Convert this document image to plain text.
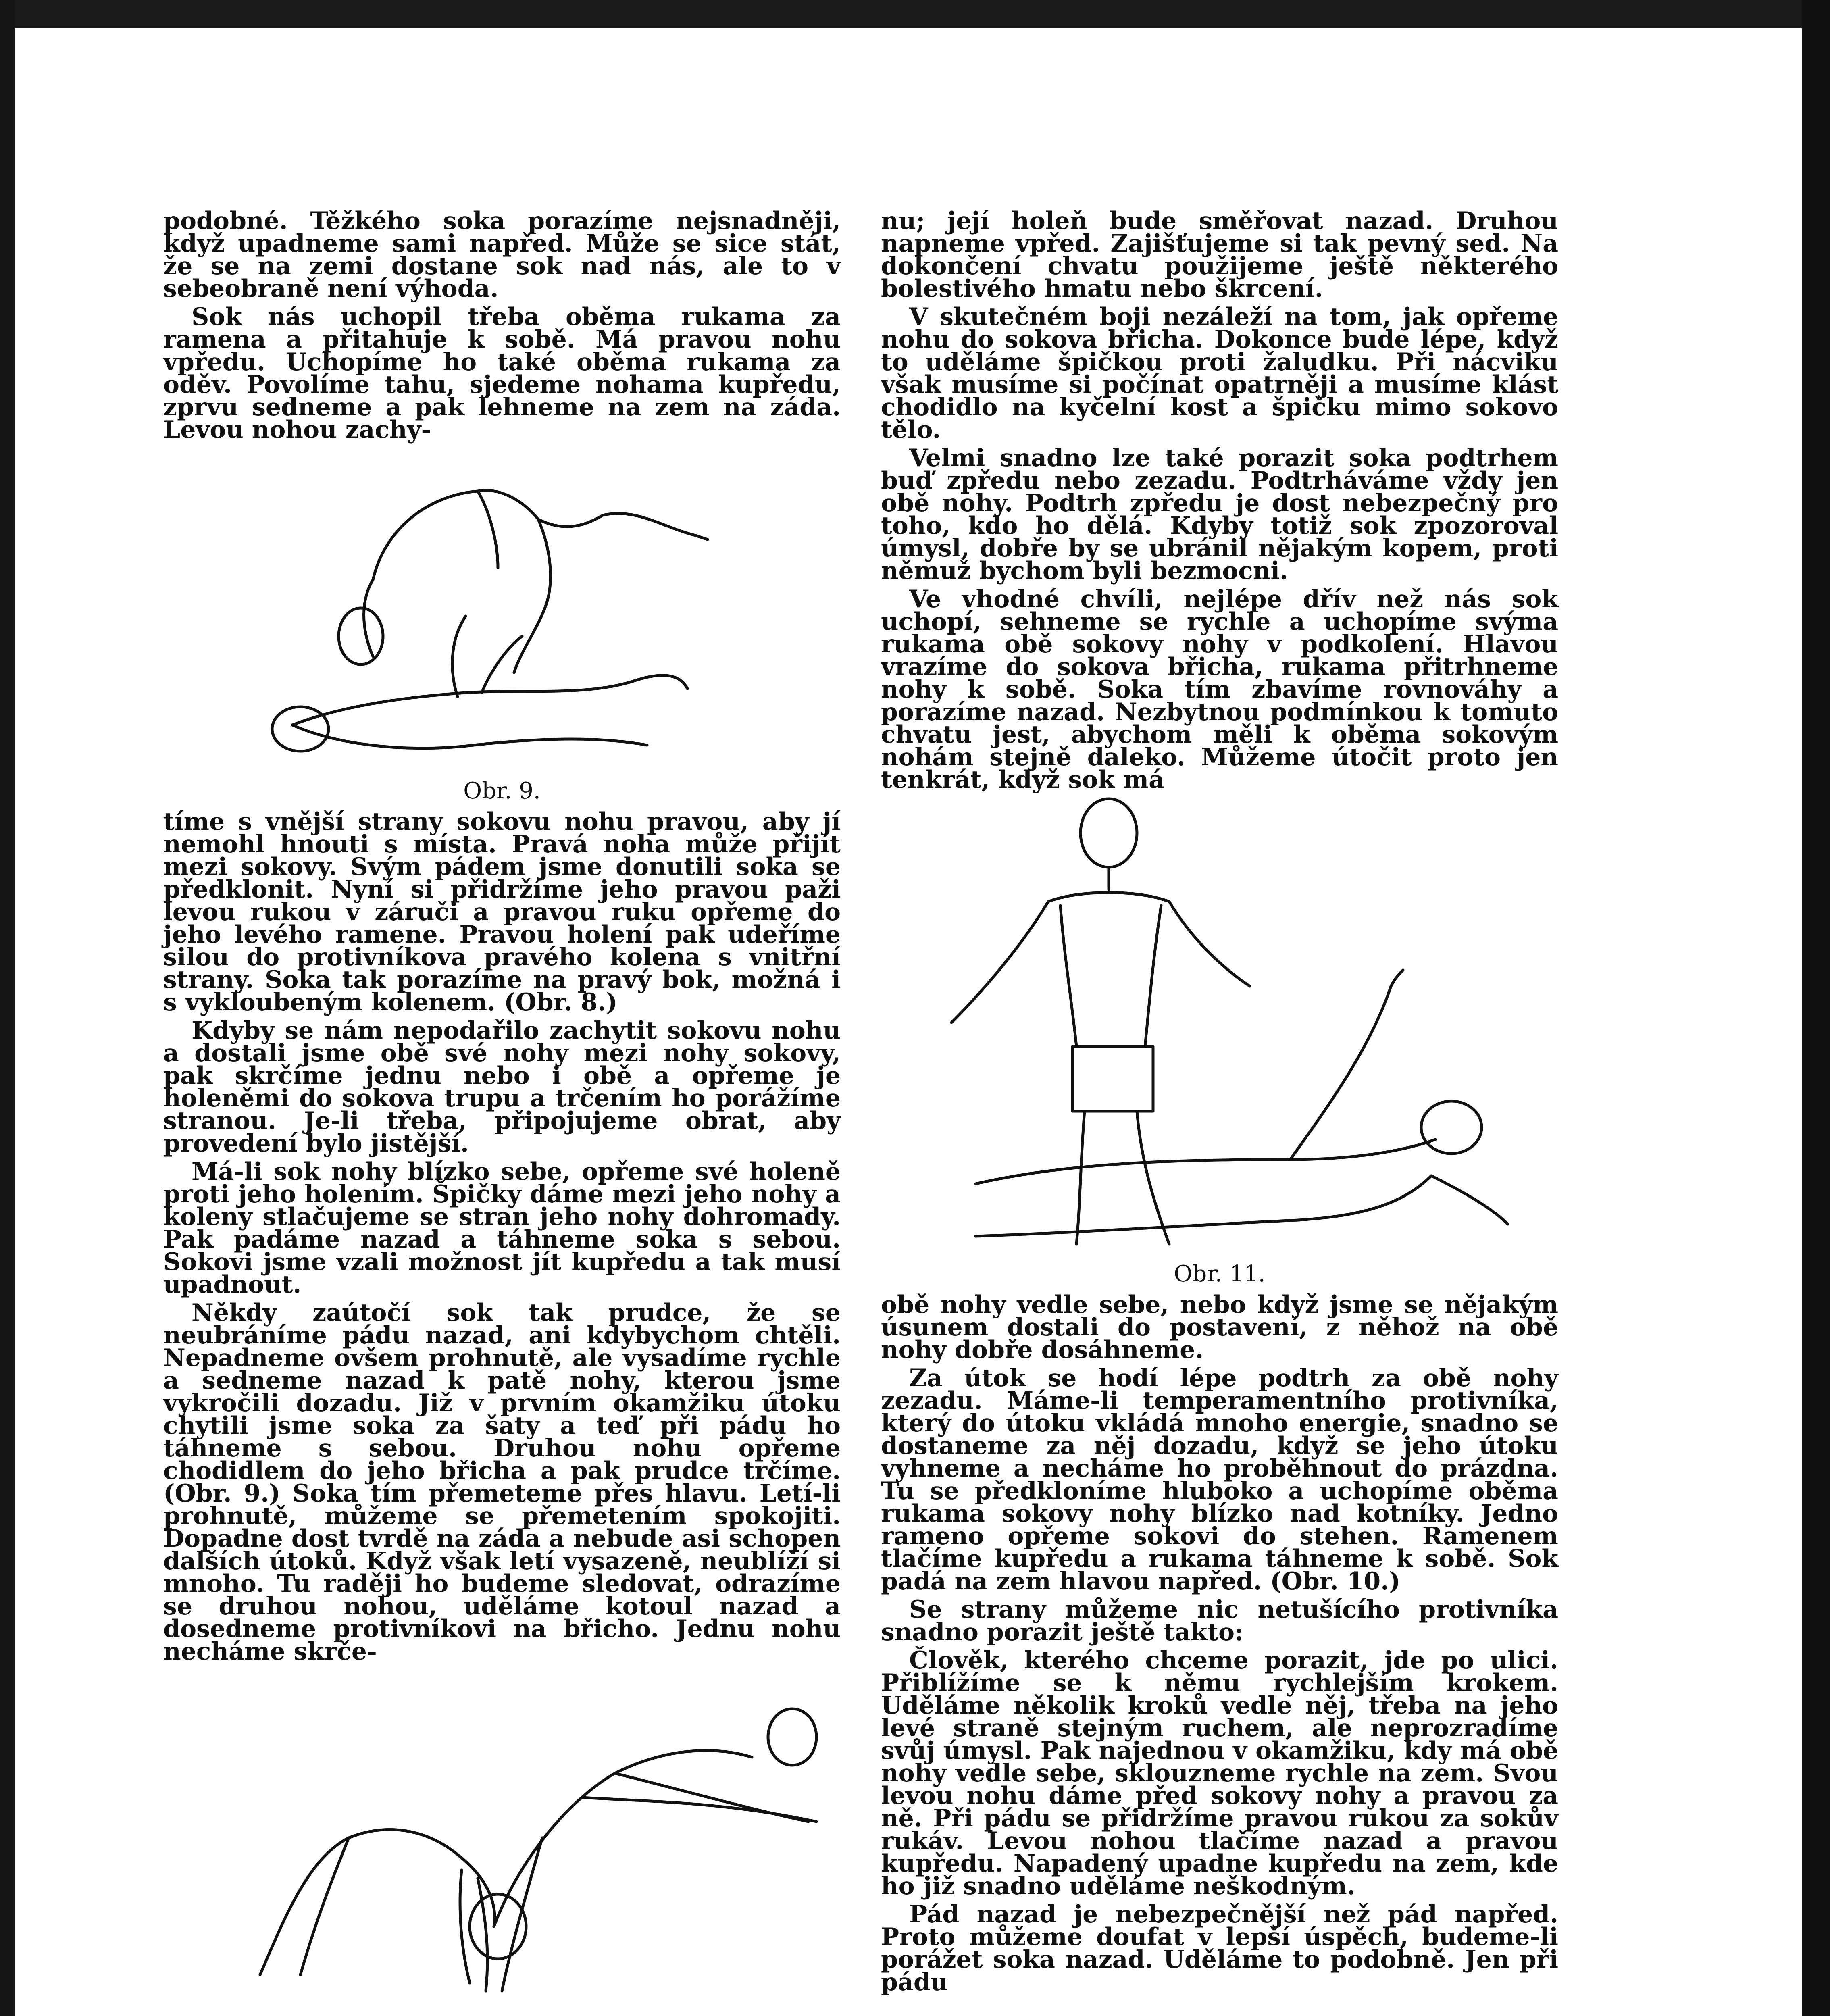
podobné. Těžkého soka porazíme nejsnadněji, když upadneme sami napřed. Může se sice stát, že se na zemi dostane sok nad nás, ale to v sebeobraně není výhoda.

Sok nás uchopil třeba oběma rukama za ramena a přitahuje k sobě. Má pravou nohu vpředu. Uchopíme ho také oběma rukama za oděv. Povolíme tahu, sjedeme nohama kupředu, zprvu sedneme a pak lehneme na zem na záda. Levou nohou zachy-

Obr. 9.

tíme s vnější strany sokovu nohu pravou, aby jí nemohl hnouti s místa. Pravá noha může přijít mezi sokovy. Svým pádem jsme donutili soka se předklonit. Nyní si přidržíme jeho pravou paži levou rukou v záruči a pravou ruku opřeme do jeho levého ramene. Pravou holení pak udeříme silou do protivníkova pravého kolena s vnitřní strany. Soka tak porazíme na pravý bok, možná i s vykloubeným kolenem. (Obr. 8.)

Kdyby se nám nepodařilo zachytit sokovu nohu a dostali jsme obě své nohy mezi nohy sokovy, pak skrčíme jednu nebo i obě a opřeme je holeněmi do sokova trupu a trčením ho porážíme stranou. Je-li třeba, připojujeme obrat, aby provedení bylo jistější.

Má-li sok nohy blízko sebe, opřeme své holeně proti jeho holením. Špičky dáme mezi jeho nohy a koleny stlačujeme se stran jeho nohy dohromady. Pak padáme nazad a táhneme soka s sebou. Sokovi jsme vzali možnost jít kupředu a tak musí upadnout.

Někdy zaútočí sok tak prudce, že se neubráníme pádu nazad, ani kdybychom chtěli. Nepadneme ovšem prohnutě, ale vysadíme rychle a sedneme nazad k patě nohy, kterou jsme vykročili dozadu. Již v prvním okamžiku útoku chytili jsme soka za šaty a teď při pádu ho táhneme s sebou. Druhou nohu opřeme chodidlem do jeho břicha a pak prudce trčíme. (Obr. 9.) Soka tím přemeteme přes hlavu. Letí-li prohnutě, můžeme se přemetením spokojiti. Dopadne dost tvrdě na záda a nebude asi schopen dalších útoků. Když však letí vysazeně, neublíží si mnoho. Tu raději ho budeme sledovat, odrazíme se druhou nohou, uděláme kotoul nazad a dosedneme protivníkovi na břicho. Jednu nohu necháme skrče-

nu; její holeň bude směřovat nazad. Druhou napneme vpřed. Zajišťujeme si tak pevný sed. Na dokončení chvatu použijeme ještě některého bolestivého hmatu nebo škrcení.

V skutečném boji nezáleží na tom, jak opřeme nohu do sokova břicha. Dokonce bude lépe, když to uděláme špičkou proti žaludku. Při nácviku však musíme si počínat opatrněji a musíme klást chodidlo na kyčelní kost a špičku mimo sokovo tělo.

Velmi snadno lze také porazit soka podtrhem buď zpředu nebo zezadu. Podtrháváme vždy jen obě nohy. Podtrh zpředu je dost nebezpečný pro toho, kdo ho dělá. Kdyby totiž sok zpozoroval úmysl, dobře by se ubránil nějakým kopem, proti němuž bychom byli bezmocni.

Ve vhodné chvíli, nejlépe dřív než nás sok uchopí, sehneme se rychle a uchopíme svýma rukama obě sokovy nohy v podkolení. Hlavou vrazíme do sokova břicha, rukama přitrhneme nohy k sobě. Soka tím zbavíme rovnováhy a porazíme nazad. Nezbytnou podmínkou k tomuto chvatu jest, abychom měli k oběma sokovým nohám stejně daleko. Můžeme útočit proto jen tenkrát, když sok má

Obr. 11.

obě nohy vedle sebe, nebo když jsme se nějakým úsunem dostali do postavení, z něhož na obě nohy dobře dosáhneme.

Za útok se hodí lépe podtrh za obě nohy zezadu. Máme-li temperamentního protivníka, který do útoku vkládá mnoho energie, snadno se dostaneme za něj dozadu, když se jeho útoku vyhneme a necháme ho proběhnout do prázdna. Tu se předkloníme hluboko a uchopíme oběma rukama sokovy nohy blízko nad kotníky. Jedno rameno opřeme sokovi do stehen. Ramenem tlačíme kupředu a rukama táhneme k sobě. Sok padá na zem hlavou napřed. (Obr. 10.)

Se strany můžeme nic netušícího protivníka snadno porazit ještě takto:

Člověk, kterého chceme porazit, jde po ulici. Přiblížíme se k němu rychlejším krokem. Uděláme několik kroků vedle něj, třeba na jeho levé straně stejným ruchem, ale neprozradíme svůj úmysl. Pak najednou v okamžiku, kdy má obě nohy vedle sebe, sklouzneme rychle na zem. Svou levou nohu dáme před sokovy nohy a pravou za ně. Při pádu se přidržíme pravou rukou za sokův rukáv. Levou nohou tlačíme nazad a pravou kupředu. Napadený upadne kupředu na zem, kde ho již snadno uděláme neškodným.

Pád nazad je nebezpečnější než pád napřed. Proto můžeme doufat v lepší úspěch, budeme-li porážet soka nazad. Uděláme to podobně. Jen při pádu
